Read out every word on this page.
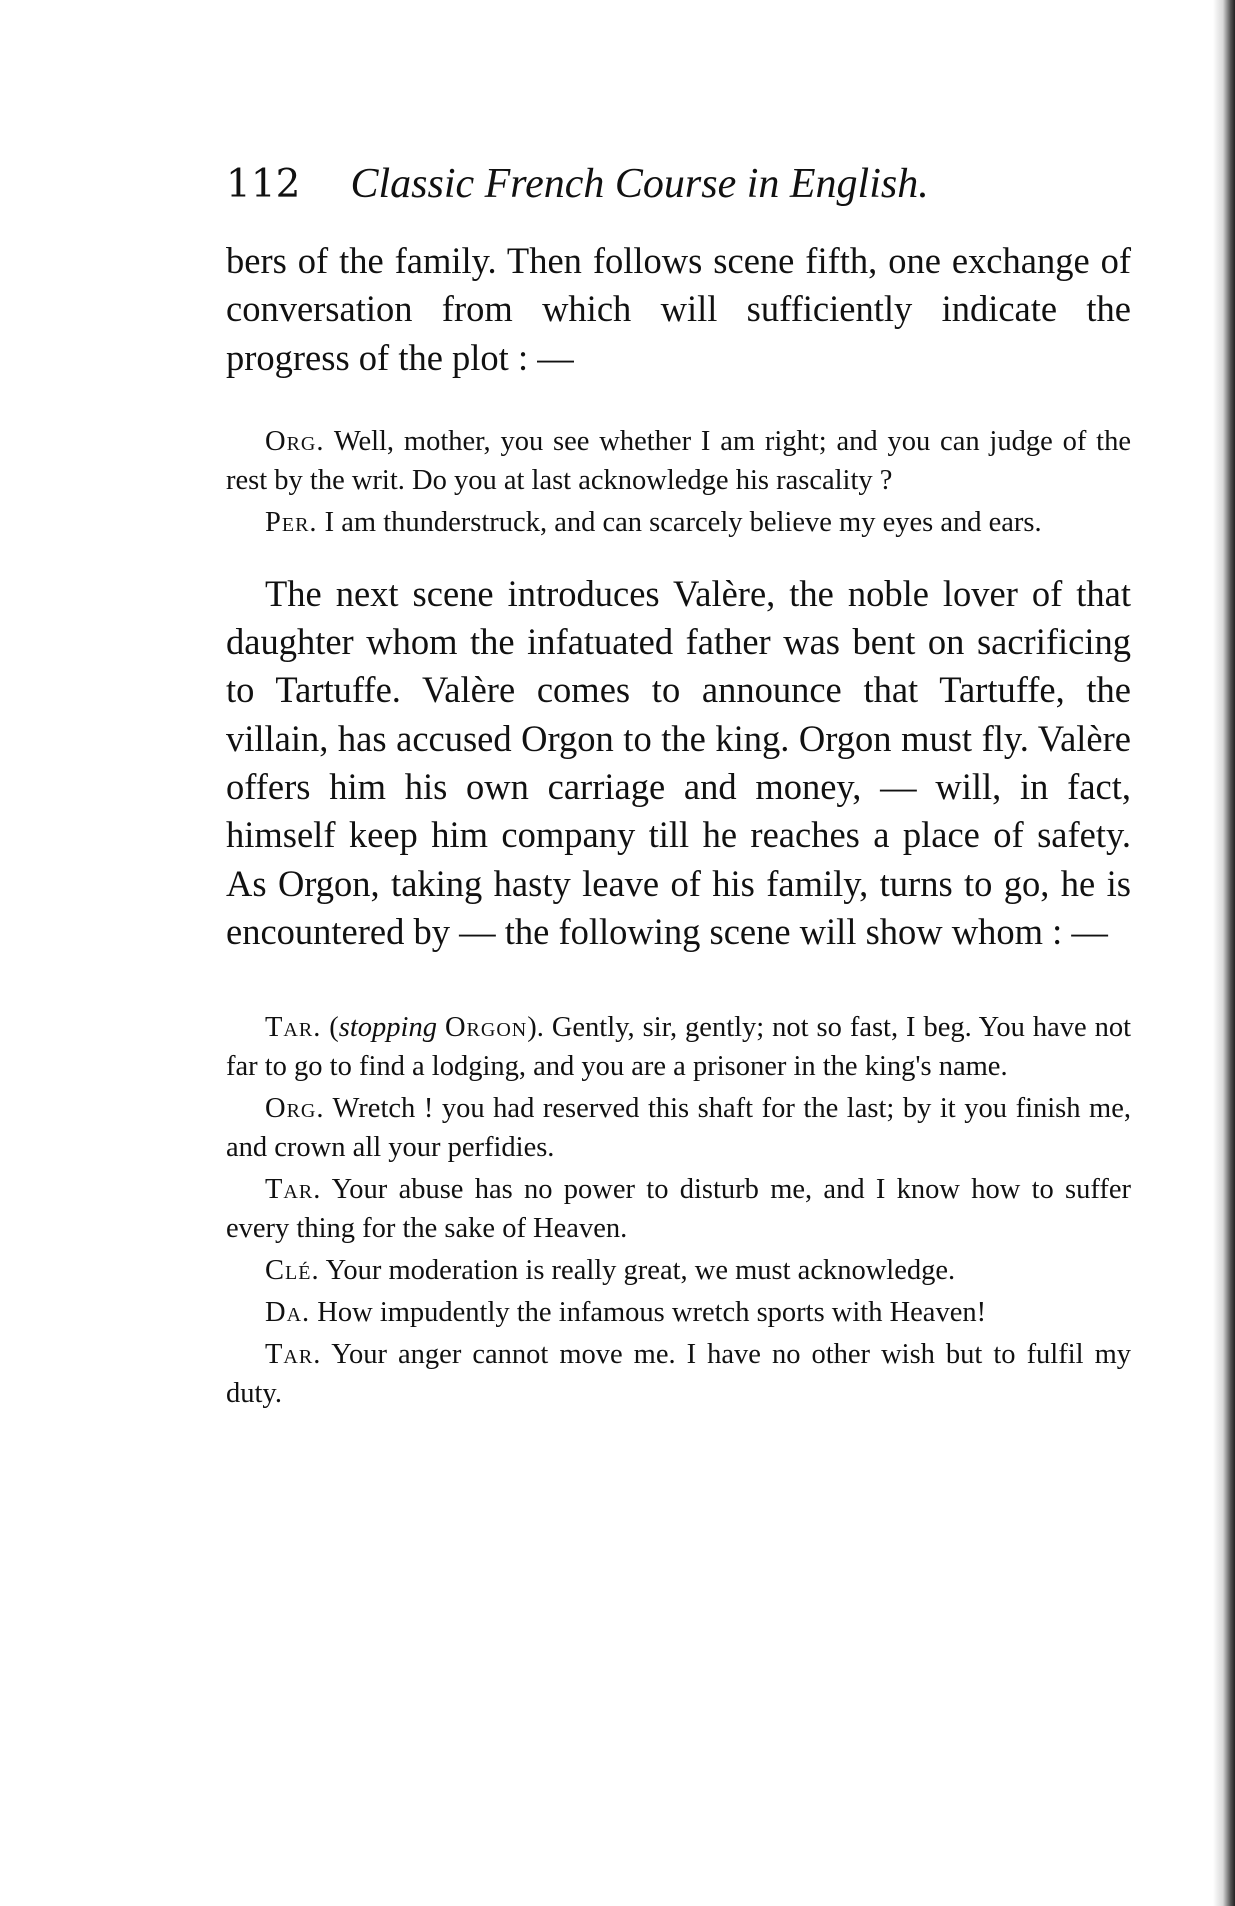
112 Classic French Course in English.

bers of the family. Then follows scene fifth, one exchange of conversation from which will sufficiently indicate the progress of the plot : —

Org. Well, mother, you see whether I am right; and you can judge of the rest by the writ. Do you at last acknowledge his rascality ?

Per. I am thunderstruck, and can scarcely believe my eyes and ears.

The next scene introduces Valère, the noble lover of that daughter whom the infatuated father was bent on sacrificing to Tartuffe. Valère comes to announce that Tartuffe, the villain, has accused Orgon to the king. Orgon must fly. Valère offers him his own carriage and money, — will, in fact, himself keep him company till he reaches a place of safety. As Orgon, taking hasty leave of his family, turns to go, he is encountered by — the following scene will show whom : —

Tar. (stopping Orgon). Gently, sir, gently; not so fast, I beg. You have not far to go to find a lodging, and you are a prisoner in the king's name.

Org. Wretch ! you had reserved this shaft for the last; by it you finish me, and crown all your perfidies.

Tar. Your abuse has no power to disturb me, and I know how to suffer every thing for the sake of Heaven.

Clé. Your moderation is really great, we must acknowledge.

Da. How impudently the infamous wretch sports with Heaven!

Tar. Your anger cannot move me. I have no other wish but to fulfil my duty.
